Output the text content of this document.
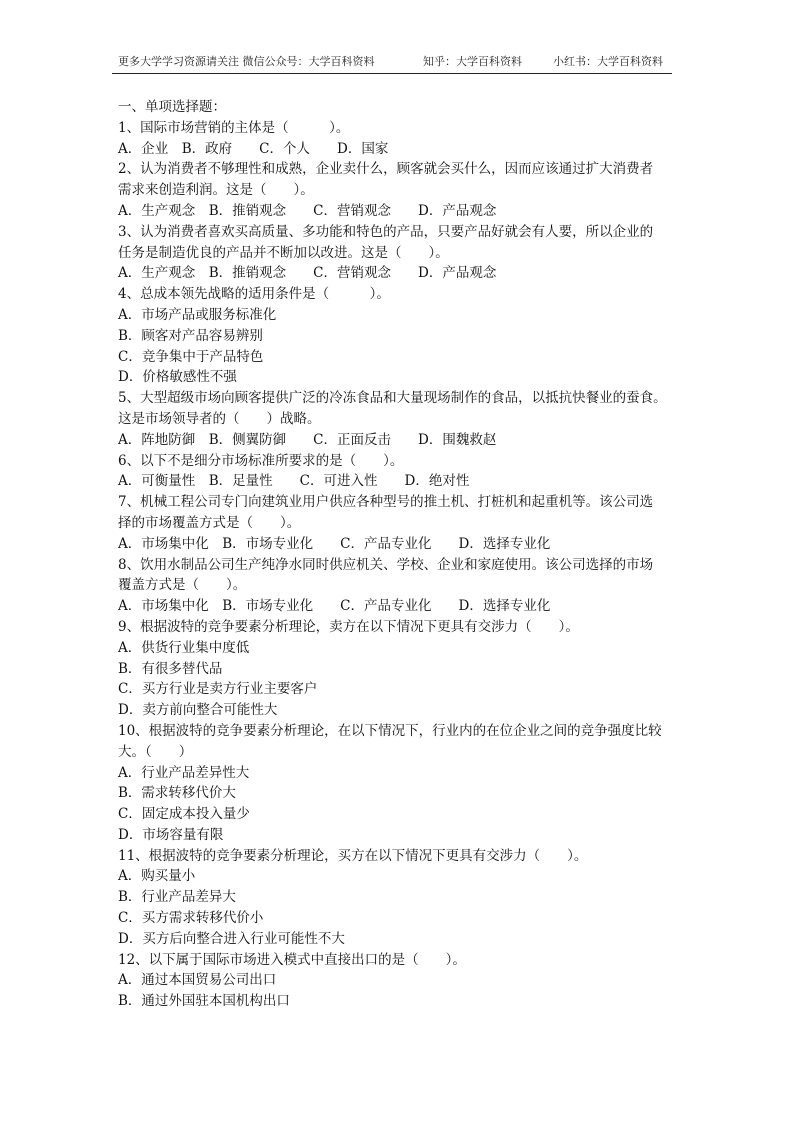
更多大学学习资源请关注 微信公众号：大学百科资料	知乎：大学百科资料	小红书：大学百科资料
一、单项选择题：
1、国际市场营销的主体是（　　　）。
A．企业　B．政府　　C．个人　　D．国家
2、认为消费者不够理性和成熟，企业卖什么，顾客就会买什么，因而应该通过扩大消费者
需求来创造利润。这是（　　）。
A．生产观念　B．推销观念　　C．营销观念　　D．产品观念
3、认为消费者喜欢买高质量、多功能和特色的产品，只要产品好就会有人要，所以企业的
任务是制造优良的产品并不断加以改进。这是（　　）。
A．生产观念　B．推销观念　　C．营销观念　　D．产品观念
4、总成本领先战略的适用条件是（　　　）。
A．市场产品或服务标准化
B．顾客对产品容易辨别
C．竞争集中于产品特色
D．价格敏感性不强
5、大型超级市场向顾客提供广泛的冷冻食品和大量现场制作的食品，以抵抗快餐业的蚕食。
这是市场领导者的（　　）战略。
A．阵地防御　B．侧翼防御　　C．正面反击　　D．围魏救赵
6、以下不是细分市场标准所要求的是（　　）。
A．可衡量性　B．足量性　　C．可进入性　　D．绝对性
7、机械工程公司专门向建筑业用户供应各种型号的推土机、打桩机和起重机等。该公司选
择的市场覆盖方式是（　　）。
A．市场集中化　B．市场专业化　　C．产品专业化　　D．选择专业化
8、饮用水制品公司生产纯净水同时供应机关、学校、企业和家庭使用。该公司选择的市场
覆盖方式是（　　）。
A．市场集中化　B．市场专业化　　C．产品专业化　　D．选择专业化
9、根据波特的竞争要素分析理论，卖方在以下情况下更具有交涉力（　　）。
A．供货行业集中度低
B．有很多替代品
C．买方行业是卖方行业主要客户
D．卖方前向整合可能性大
10、根据波特的竞争要素分析理论，在以下情况下，行业内的在位企业之间的竞争强度比较
大。（　　）
A．行业产品差异性大
B．需求转移代价大
C．固定成本投入量少
D．市场容量有限
11、根据波特的竞争要素分析理论，买方在以下情况下更具有交涉力（　　）。
A．购买量小
B．行业产品差异大
C．买方需求转移代价小
D．买方后向整合进入行业可能性不大
12、以下属于国际市场进入模式中直接出口的是（　　）。
A．通过本国贸易公司出口
B．通过外国驻本国机构出口
